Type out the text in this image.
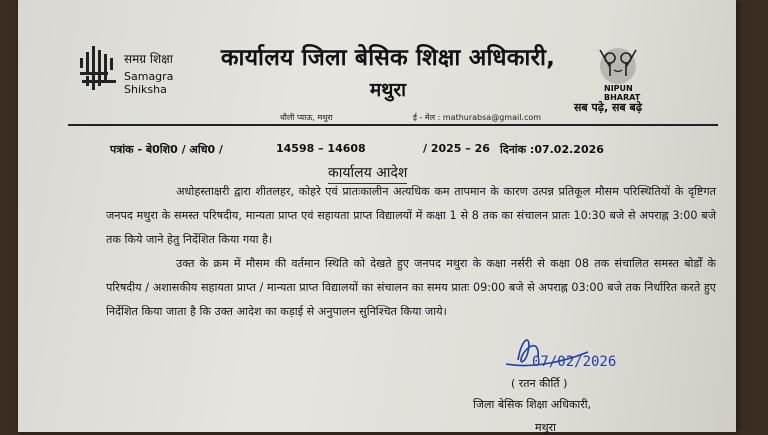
समग्र शिक्षा
Samagra Shiksha
कार्यालय जिला बेसिक शिक्षा अधिकारी,
मथुरा
धौली प्याऊ, मथुरा	ई - मेल : mathurabsa@gmail.com
NIPUN
BHARAT
सब पढ़े, सब बढ़े
पत्रांक - बे0शि0 / अधि0 /	14598 – 14608	/ 2025 – 26 दिनांक :07.02.2026
कार्यालय आदेश

अधोहस्ताक्षरी द्वारा शीतलहर, कोहरे एवं प्रातःकालीन अत्यधिक कम तापमान के कारण उत्पन्न प्रतिकूल मौसम परिस्थितियों के दृष्टिगत जनपद मथुरा के समस्त परिषदीय, मान्यता प्राप्त एवं सहायता प्राप्त विद्यालयों में कक्षा 1 से 8 तक का संचालन प्रातः 10:30 बजे से अपराह्न 3:00 बजे तक किये जाने हेतु निर्देशित किया गया है।

उक्त के क्रम में मौसम की वर्तमान स्थिति को देखते हुए जनपद मथुरा के कक्षा नर्सरी से कक्षा 08 तक संचालित समस्त बोर्डों के परिषदीय / अशासकीय सहायता प्राप्त / मान्यता प्राप्त विद्यालयों का संचालन का समय प्रातः 09:00 बजे से अपराह्न 03:00 बजे तक निर्धारित करते हुए निर्देशित किया जाता है कि उक्त आदेश का कड़ाई से अनुपालन सुनिश्चित किया जाये।

07/02/2026
( रतन कीर्ति )
जिला बेसिक शिक्षा अधिकारी,
मथुरा
